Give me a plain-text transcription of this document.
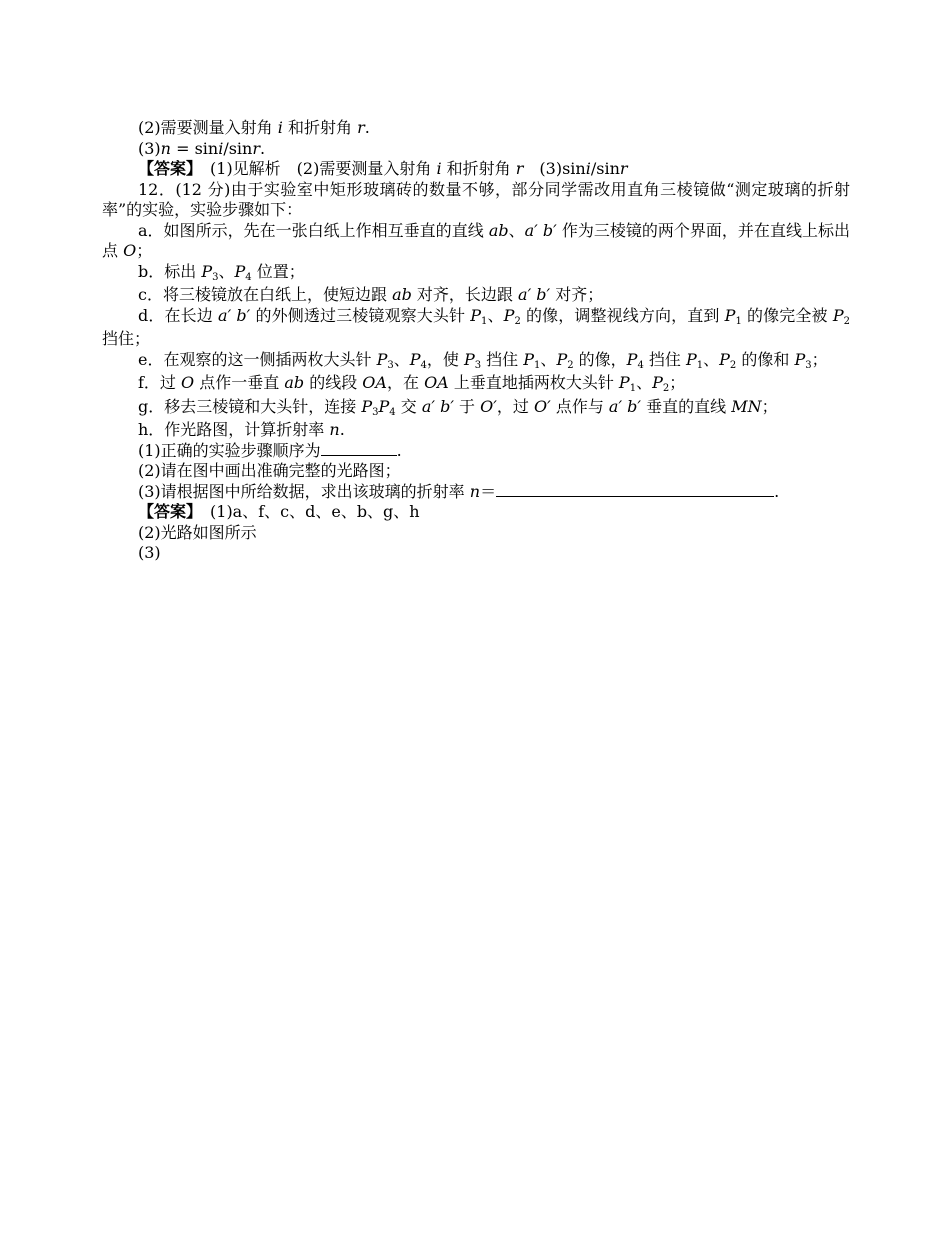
(2)需要测量入射角 i 和折射角 r.
(3)n = sini/sinr.
【答案】　(1)见解析　(2)需要测量入射角 i 和折射角 r　(3)sini/sinr
12．(12 分)由于实验室中矩形玻璃砖的数量不够，部分同学需改用直角三棱镜做“测定玻璃的折射率”的实验，实验步骤如下：
a．如图所示，先在一张白纸上作相互垂直的直线 ab、a′ b′ 作为三棱镜的两个界面，并在直线上标出点 O；
b．标出 $P_3$、$P_4$ 位置；
c．将三棱镜放在白纸上，使短边跟 ab 对齐，长边跟 a′ b′ 对齐；
d．在长边 a′ b′ 的外侧透过三棱镜观察大头针 $P_1$、$P_2$ 的像，调整视线方向，直到 $P_1$ 的像完全被 $P_2$ 挡住；
e．在观察的这一侧插两枚大头针 $P_3$、$P_4$，使 $P_3$ 挡住 $P_1$、$P_2$ 的像，$P_4$ 挡住 $P_1$、$P_2$ 的像和 $P_3$；
f．过 O 点作一垂直 ab 的线段 OA，在 OA 上垂直地插两枚大头针 $P_1$、$P_2$；
g．移去三棱镜和大头针，连接 $P_3P_4$ 交 a′ b′ 于 O′，过 O′ 点作与 a′ b′ 垂直的直线 MN；
h．作光路图，计算折射率 n.
(1)正确的实验步骤顺序为	.
(2)请在图中画出准确完整的光路图；
(3)请根据图中所给数据，求出该玻璃的折射率 n＝	.
【答案】　(1)a、f、c、d、e、b、g、h
(2)光路如图所示
(3)
